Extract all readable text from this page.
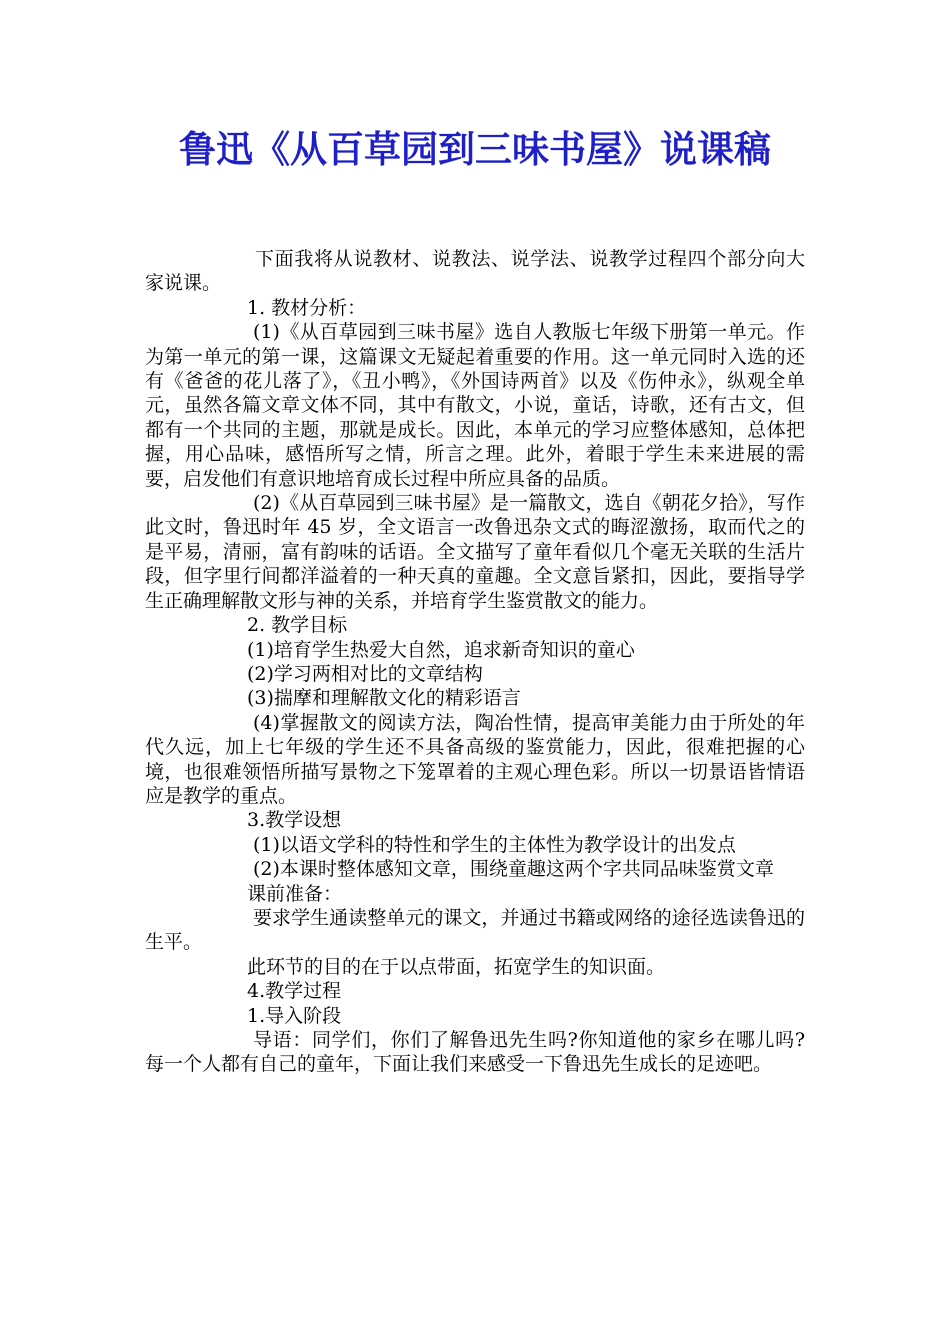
鲁迅《从百草园到三味书屋》说课稿

下面我将从说教材、说教法、说学法、说教学过程四个部分向大家说课。

1. 教材分析：

(1)《从百草园到三味书屋》选自人教版七年级下册第一单元。作为第一单元的第一课，这篇课文无疑起着重要的作用。这一单元同时入选的还有《爸爸的花儿落了》，《丑小鸭》，《外国诗两首》以及《伤仲永》，纵观全单元，虽然各篇文章文体不同，其中有散文，小说，童话，诗歌，还有古文，但都有一个共同的主题，那就是成长。因此，本单元的学习应整体感知，总体把握，用心品味，感悟所写之情，所言之理。此外，着眼于学生未来进展的需要，启发他们有意识地培育成长过程中所应具备的品质。

(2)《从百草园到三味书屋》是一篇散文，选自《朝花夕拾》，写作此文时，鲁迅时年 45 岁，全文语言一改鲁迅杂文式的晦涩激扬，取而代之的是平易，清丽，富有韵味的话语。全文描写了童年看似几个毫无关联的生活片段，但字里行间都洋溢着的一种天真的童趣。全文意旨紧扣，因此，要指导学生正确理解散文形与神的关系，并培育学生鉴赏散文的能力。

2. 教学目标

(1)培育学生热爱大自然，追求新奇知识的童心

(2)学习两相对比的文章结构

(3)揣摩和理解散文化的精彩语言

(4)掌握散文的阅读方法，陶冶性情，提高审美能力由于所处的年代久远，加上七年级的学生还不具备高级的鉴赏能力，因此，很难把握的心境，也很难领悟所描写景物之下笼罩着的主观心理色彩。所以一切景语皆情语应是教学的重点。

3.教学设想

(1)以语文学科的特性和学生的主体性为教学设计的出发点

(2)本课时整体感知文章，围绕童趣这两个字共同品味鉴赏文章

课前准备：

要求学生通读整单元的课文，并通过书籍或网络的途径选读鲁迅的生平。

此环节的目的在于以点带面，拓宽学生的知识面。

4.教学过程

1.导入阶段

导语：同学们，你们了解鲁迅先生吗?你知道他的家乡在哪儿吗?每一个人都有自己的童年，下面让我们来感受一下鲁迅先生成长的足迹吧。
